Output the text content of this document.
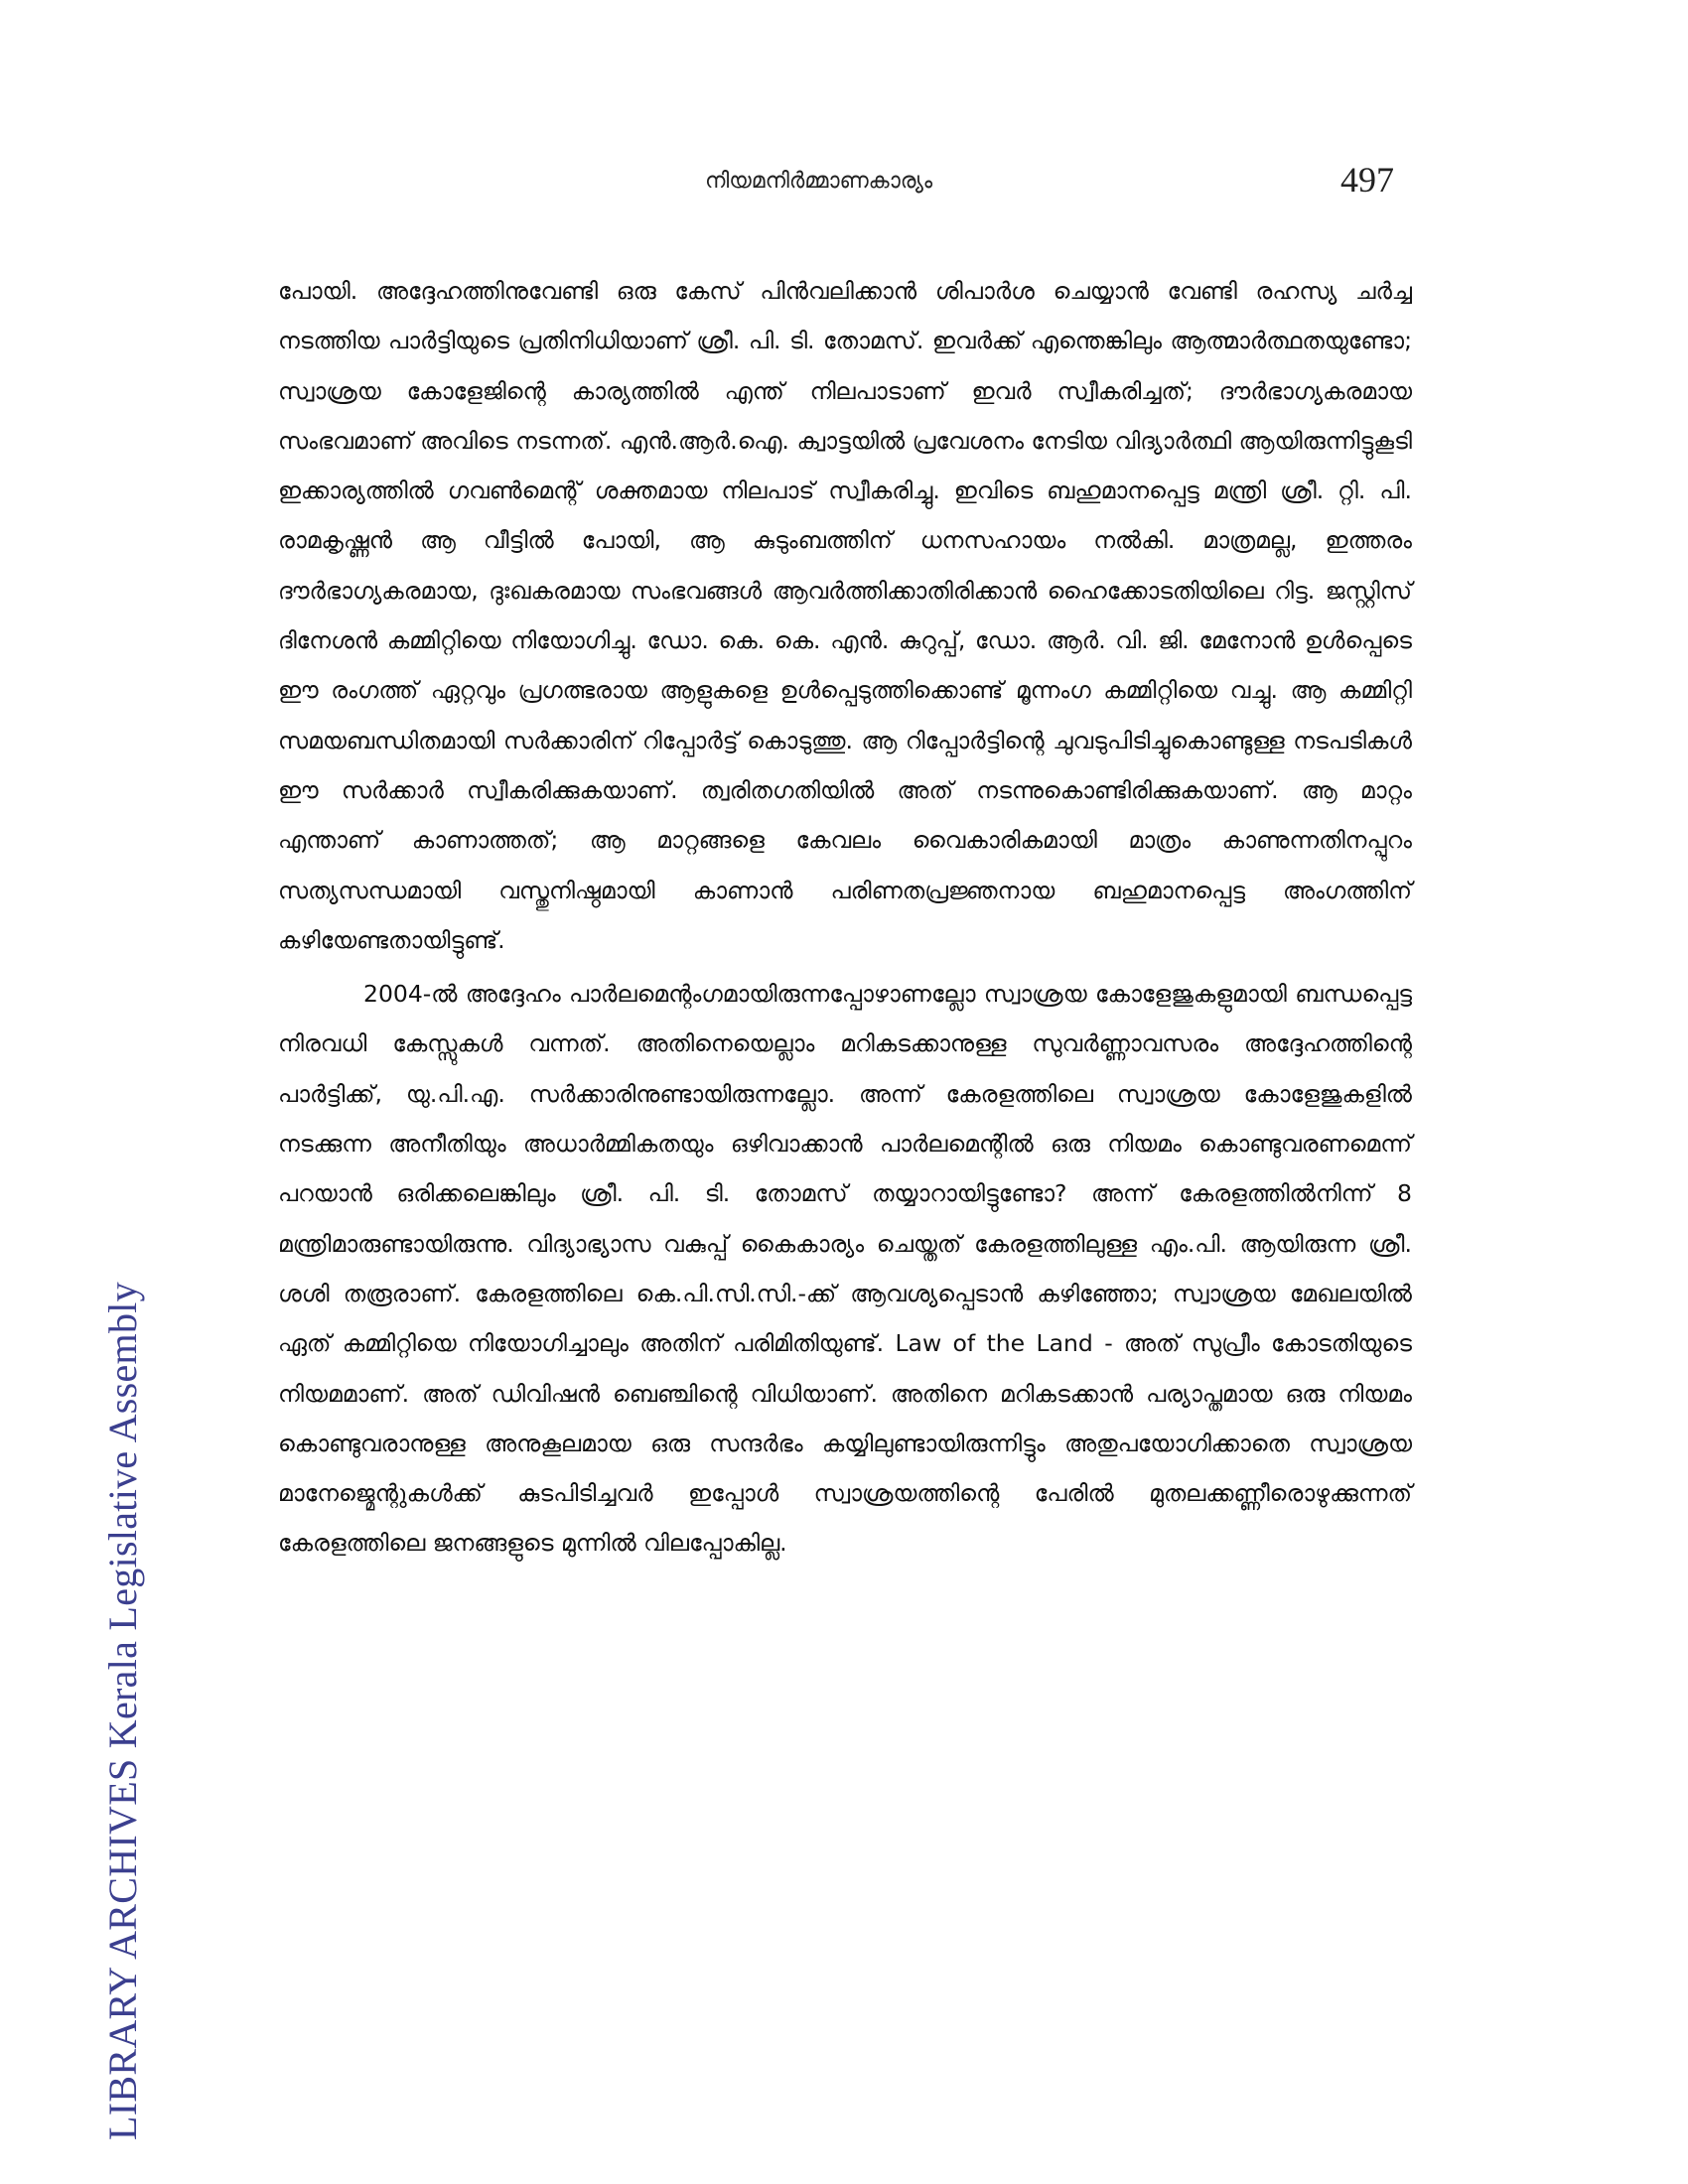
നിയമനിർമ്മാണകാര്യം	497
LIBRARY ARCHIVES Kerala Legislative Assembly

പോയി. അദ്ദേഹത്തിനുവേണ്ടി ഒരു കേസ് പിൻവലിക്കാൻ ശിപാർശ ചെയ്യാൻ വേണ്ടി രഹസ്യ ചർച്ച നടത്തിയ പാർട്ടിയുടെ പ്രതിനിധിയാണ് ശ്രീ. പി. ടി. തോമസ്. ഇവർക്ക് എന്തെങ്കിലും ആത്മാർത്ഥതയുണ്ടോ; സ്വാശ്രയ കോളേജിന്റെ കാര്യത്തിൽ എന്ത് നിലപാടാണ് ഇവർ സ്വീകരിച്ചത്; ദൗർഭാഗ്യകരമായ സംഭവമാണ് അവിടെ നടന്നത്. എൻ.ആർ.ഐ. ക്വാട്ടയിൽ പ്രവേശനം നേടിയ വിദ്യാർത്ഥി ആയിരുന്നിട്ടുകൂടി ഇക്കാര്യത്തിൽ ഗവൺമെന്റ് ശക്തമായ നിലപാട് സ്വീകരിച്ചു. ഇവിടെ ബഹുമാനപ്പെട്ട മന്ത്രി ശ്രീ. റ്റി. പി. രാമകൃഷ്ണൻ ആ വീട്ടിൽ പോയി, ആ കുടുംബത്തിന് ധനസഹായം നൽകി. മാത്രമല്ല, ഇത്തരം ദൗർഭാഗ്യകരമായ, ദുഃഖകരമായ സംഭവങ്ങൾ ആവർത്തിക്കാതിരിക്കാൻ ഹൈക്കോടതിയിലെ റിട്ട. ജസ്റ്റിസ് ദിനേശൻ കമ്മിറ്റിയെ നിയോഗിച്ചു. ഡോ. കെ. കെ. എൻ. കുറുപ്പ്, ഡോ. ആർ. വി. ജി. മേനോൻ ഉൾപ്പെടെ ഈ രംഗത്ത് ഏറ്റവും പ്രഗത്ഭരായ ആളുകളെ ഉൾപ്പെടുത്തിക്കൊണ്ട് മൂന്നംഗ കമ്മിറ്റിയെ വച്ചു. ആ കമ്മിറ്റി സമയബന്ധിതമായി സർക്കാരിന് റിപ്പോർട്ട് കൊടുത്തു. ആ റിപ്പോർട്ടിന്റെ ചുവടുപിടിച്ചുകൊണ്ടുള്ള നടപടികൾ ഈ സർക്കാർ സ്വീകരിക്കുകയാണ്. ത്വരിതഗതിയിൽ അത് നടന്നുകൊണ്ടിരിക്കുകയാണ്. ആ മാറ്റം എന്താണ് കാണാത്തത്; ആ മാറ്റങ്ങളെ കേവലം വൈകാരികമായി മാത്രം കാണുന്നതിനപ്പുറം സത്യസന്ധമായി വസ്തുനിഷ്ഠമായി കാണാൻ പരിണതപ്രജ്ഞനായ ബഹുമാനപ്പെട്ട അംഗത്തിന് കഴിയേണ്ടതായിട്ടുണ്ട്.

2004-ൽ അദ്ദേഹം പാർലമെന്റംഗമായിരുന്നപ്പോഴാണല്ലോ സ്വാശ്രയ കോളേജുകളുമായി ബന്ധപ്പെട്ട നിരവധി കേസ്സുകൾ വന്നത്. അതിനെയെല്ലാം മറികടക്കാനുള്ള സുവർണ്ണാവസരം അദ്ദേഹത്തിന്റെ പാർട്ടിക്ക്, യു.പി.എ. സർക്കാരിനുണ്ടായിരുന്നല്ലോ. അന്ന് കേരളത്തിലെ സ്വാശ്രയ കോളേജുകളിൽ നടക്കുന്ന അനീതിയും അധാർമ്മികതയും ഒഴിവാക്കാൻ പാർലമെന്റിൽ ഒരു നിയമം കൊണ്ടുവരണമെന്ന് പറയാൻ ഒരിക്കലെങ്കിലും ശ്രീ. പി. ടി. തോമസ് തയ്യാറായിട്ടുണ്ടോ? അന്ന് കേരളത്തിൽനിന്ന് 8 മന്ത്രിമാരുണ്ടായിരുന്നു. വിദ്യാഭ്യാസ വകുപ്പ് കൈകാര്യം ചെയ്തത് കേരളത്തിലുള്ള എം.പി. ആയിരുന്ന ശ്രീ. ശശി തരൂരാണ്. കേരളത്തിലെ കെ.പി.സി.സി.-ക്ക് ആവശ്യപ്പെടാൻ കഴിഞ്ഞോ; സ്വാശ്രയ മേഖലയിൽ ഏത് കമ്മിറ്റിയെ നിയോഗിച്ചാലും അതിന് പരിമിതിയുണ്ട്. Law of the Land - അത് സുപ്രീം കോടതിയുടെ നിയമമാണ്. അത് ഡിവിഷൻ ബെഞ്ചിന്റെ വിധിയാണ്. അതിനെ മറികടക്കാൻ പര്യാപ്തമായ ഒരു നിയമം കൊണ്ടുവരാനുള്ള അനുകൂലമായ ഒരു സന്ദർഭം കയ്യിലുണ്ടായിരുന്നിട്ടും അതുപയോഗിക്കാതെ സ്വാശ്രയ മാനേജ്മെന്റുകൾക്ക് കുടപിടിച്ചവർ ഇപ്പോൾ സ്വാശ്രയത്തിന്റെ പേരിൽ മുതലക്കണ്ണീരൊഴുക്കുന്നത് കേരളത്തിലെ ജനങ്ങളുടെ മുന്നിൽ വിലപ്പോകില്ല.
